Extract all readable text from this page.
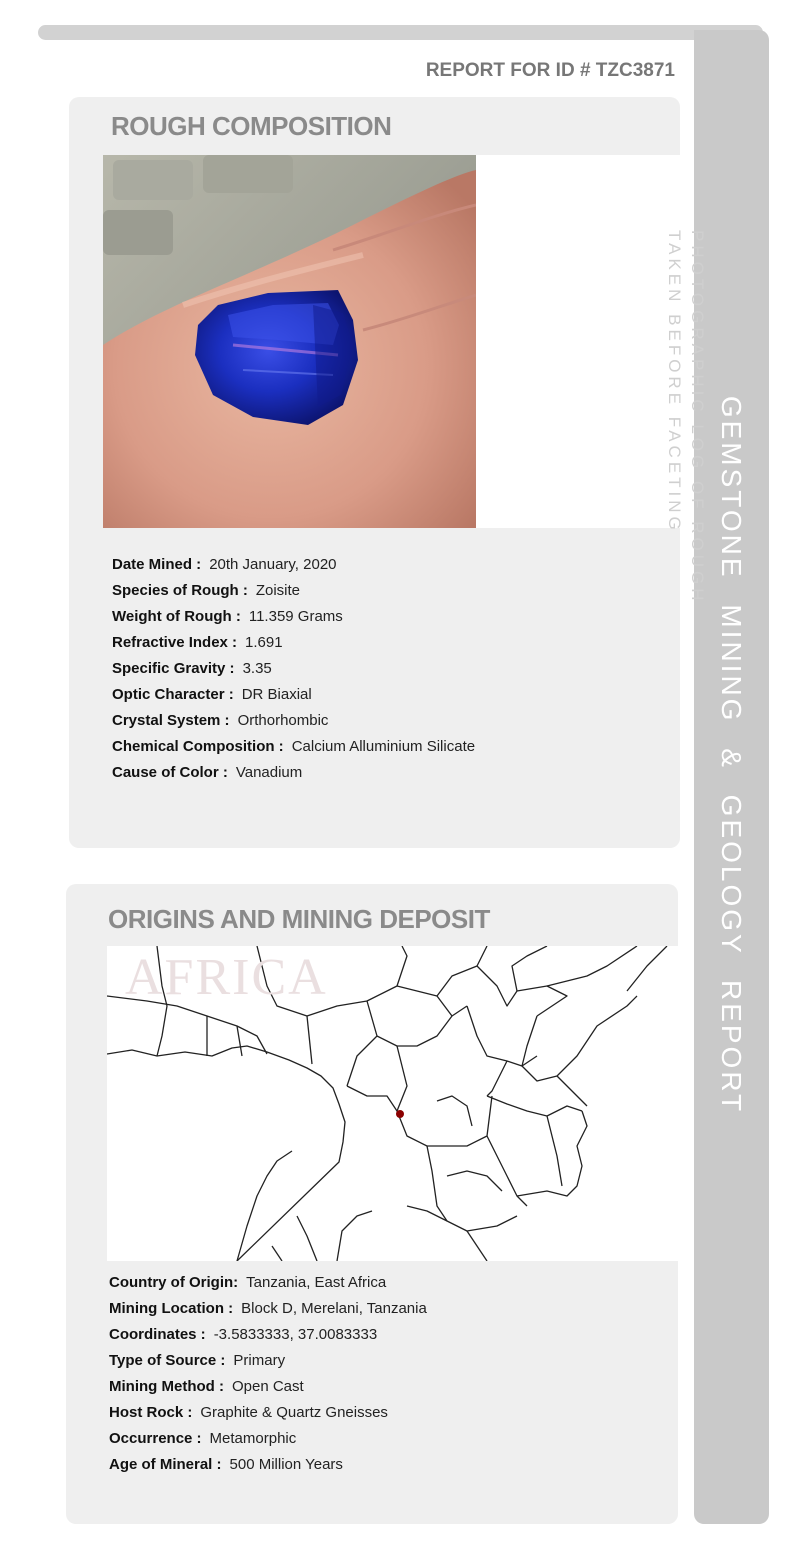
GEMSTONE MINING & GEOLOGY REPORT
REPORT FOR ID # TZC3871
ROUGH COMPOSITION
PHOTOGRAPHIC LOG OF ROUGH
TAKEN BEFORE FACETING
Date Mined : 20th January, 2020
Species of Rough : Zoisite
Weight of Rough : 11.359 Grams
Refractive Index : 1.691
Specific Gravity : 3.35
Optic Character : DR Biaxial
Crystal System : Orthorhombic
Chemical Composition : Calcium Alluminium Silicate
Cause of Color : Vanadium
ORIGINS AND MINING DEPOSIT
AFRICA
Country of Origin: Tanzania, East Africa
Mining Location : Block D, Merelani, Tanzania
Coordinates : -3.5833333, 37.0083333
Type of Source : Primary
Mining Method : Open Cast
Host Rock : Graphite & Quartz Gneisses
Occurrence : Metamorphic
Age of Mineral : 500 Million Years
